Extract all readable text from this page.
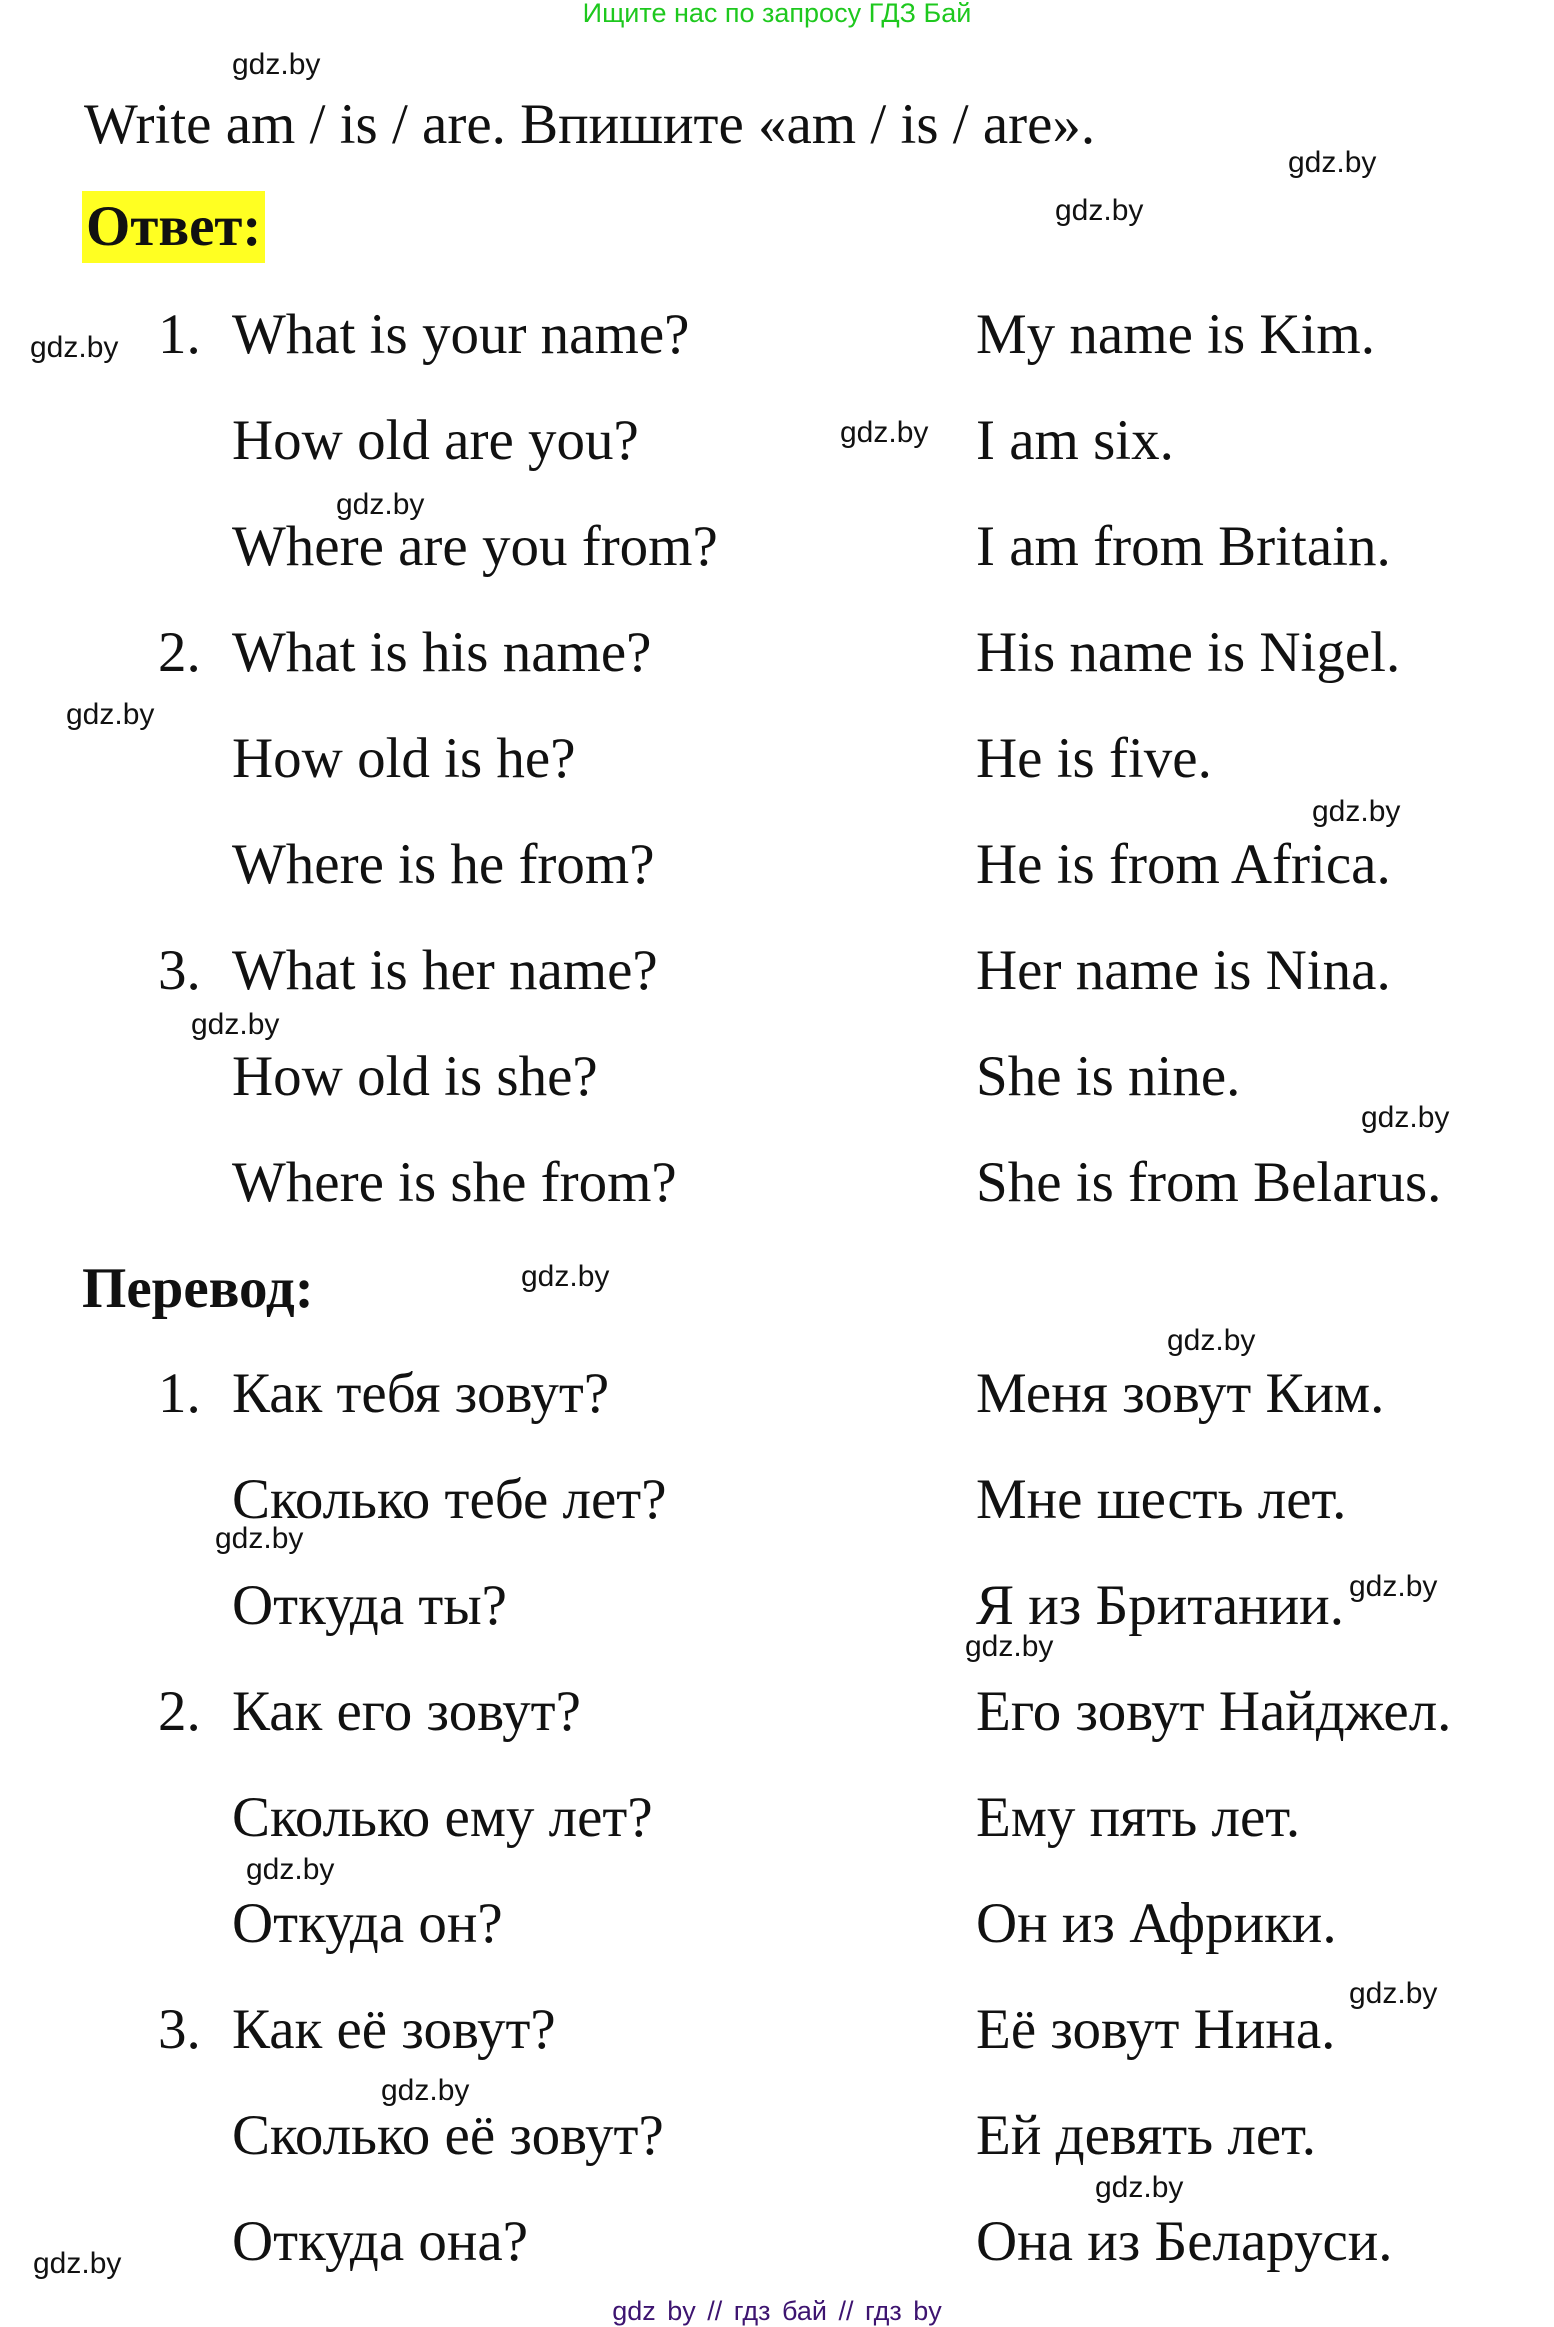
Ищите нас по запросу ГДЗ Бай
Write am / is / are. Впишите «am / is / are».
Ответ:
Перевод:
1. What is your name?	My name is Kim.
How old are you?	I am six.
Where are you from?	I am from Britain.
2. What is his name?	His name is Nigel.
How old is he?	He is five.
Where is he from?	He is from Africa.
3. What is her name?	Her name is Nina.
How old is she?	She is nine.
Where is she from?	She is from Belarus.
1. Как тебя зовут?	Меня зовут Ким.
Сколько тебе лет?	Мне шесть лет.
Откуда ты?	Я из Британии.
2. Как его зовут?	Его зовут Найджел.
Сколько ему лет?	Ему пять лет.
Откуда он?	Он из Африки.
3. Как её зовут?	Её зовут Нина.
Сколько её зовут?	Ей девять лет.
Откуда она?	Она из Беларуси.
gdz.by
gdz.by
gdz.by
gdz.by
gdz.by
gdz.by
gdz.by
gdz.by
gdz.by
gdz.by
gdz.by
gdz.by
gdz.by
gdz.by
gdz.by
gdz.by
gdz.by
gdz.by
gdz.by
gdz.by
gdz by // гдз бай // гдз by
